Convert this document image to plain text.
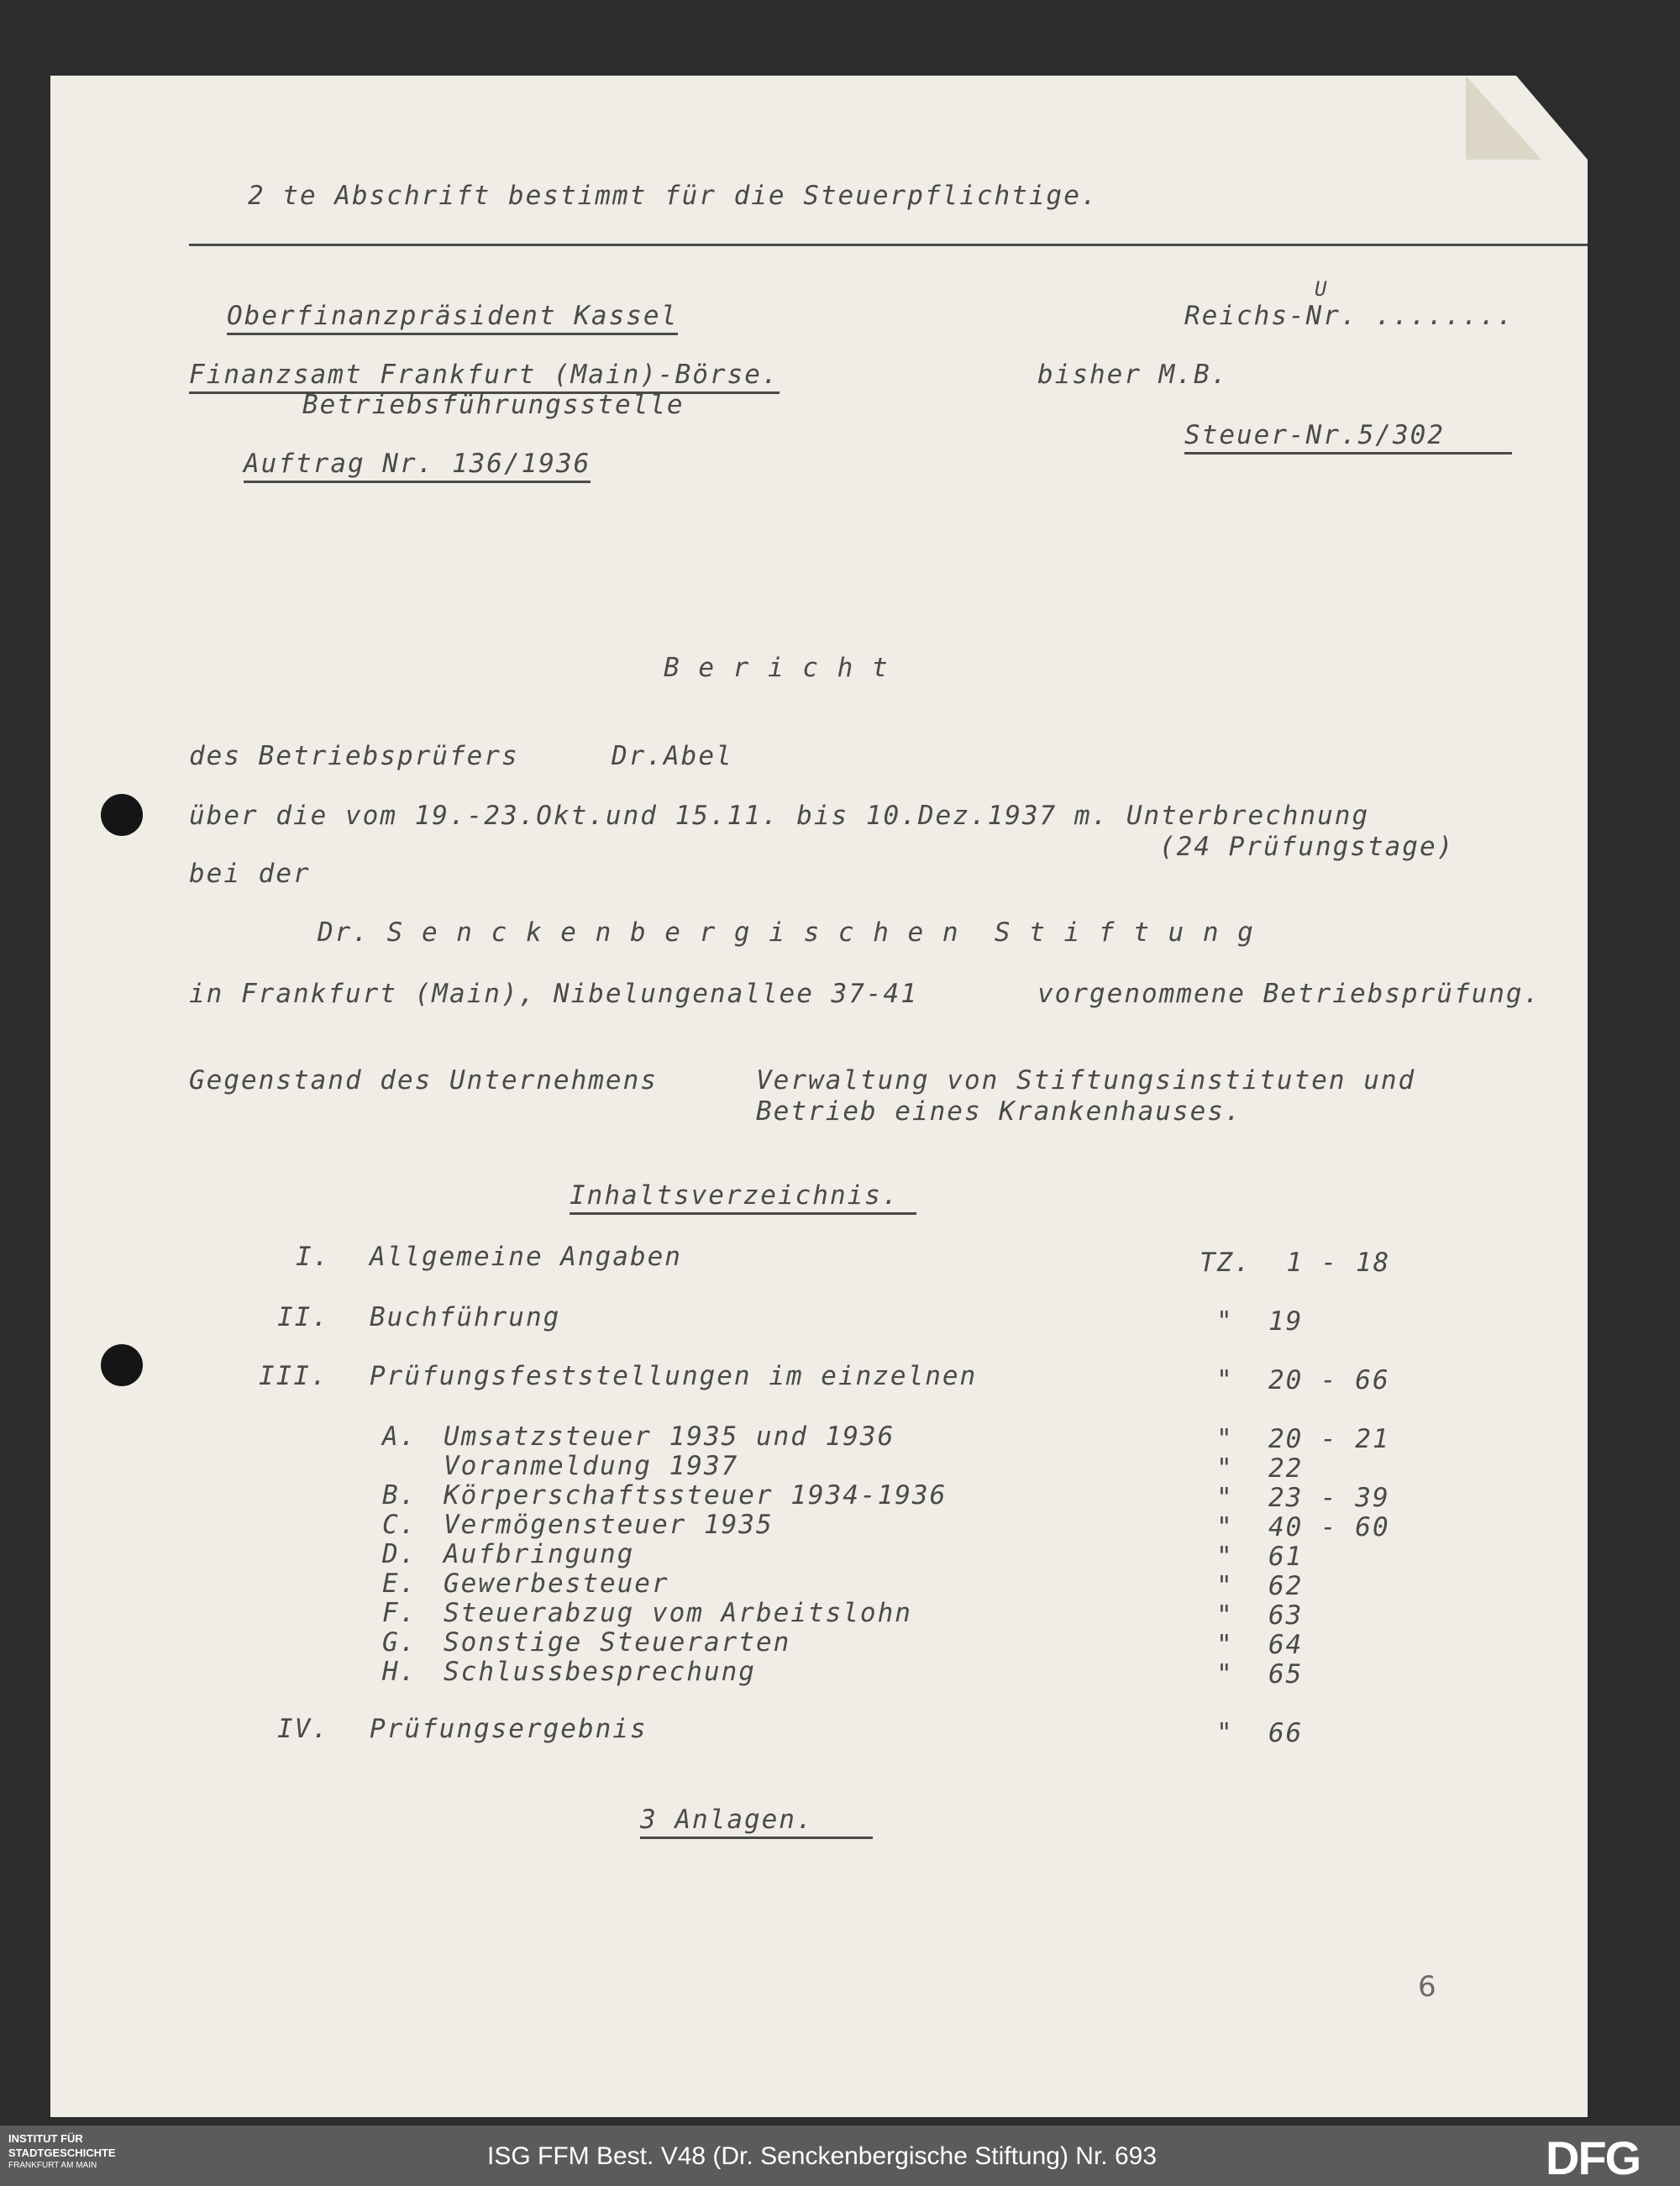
2 te Abschrift bestimmt für die Steuerpflichtige.
Oberfinanzpräsident Kassel
Finanzsamt Frankfurt (Main)-Börse.
Betriebsführungsstelle
Auftrag Nr. 136/1936
Reichs-Nr. ........
U
bisher M.B.
Steuer-Nr.5/302
B e r i c h t
des Betriebsprüfers	Dr.Abel
über die vom 19.-23.Okt.und 15.11. bis 10.Dez.1937 m. Unterbrechnung
(24 Prüfungstage)
bei der
Dr. S e n c k e n b e r g i s c h e n  S t i f t u n g
in Frankfurt (Main), Nibelungenallee 37-41	vorgenommene Betriebsprüfung.
Gegenstand des Unternehmens	Verwaltung von Stiftungsinstituten und
Betrieb eines Krankenhauses.
Inhaltsverzeichnis.
I. Allgemeine Angaben	TZ.  1 - 18
II. Buchführung	"  19
III. Prüfungsfeststellungen im einzelnen	"  20 - 66
A. Umsatzsteuer 1935 und 1936	"  20 - 21
Voranmeldung 1937	"  22
B. Körperschaftssteuer 1934-1936	"  23 - 39
C. Vermögensteuer 1935	"  40 - 60
D. Aufbringung	"  61
E. Gewerbesteuer	"  62
F. Steuerabzug vom Arbeitslohn	"  63
G. Sonstige Steuerarten	"  64
H. Schlussbesprechung	"  65
IV. Prüfungsergebnis	"  66
3 Anlagen.
6
INSTITUT FÜR
STADTGESCHICHTE
FRANKFURT AM MAIN	ISG FFM Best. V48 (Dr. Senckenbergische Stiftung) Nr. 693	DFG
